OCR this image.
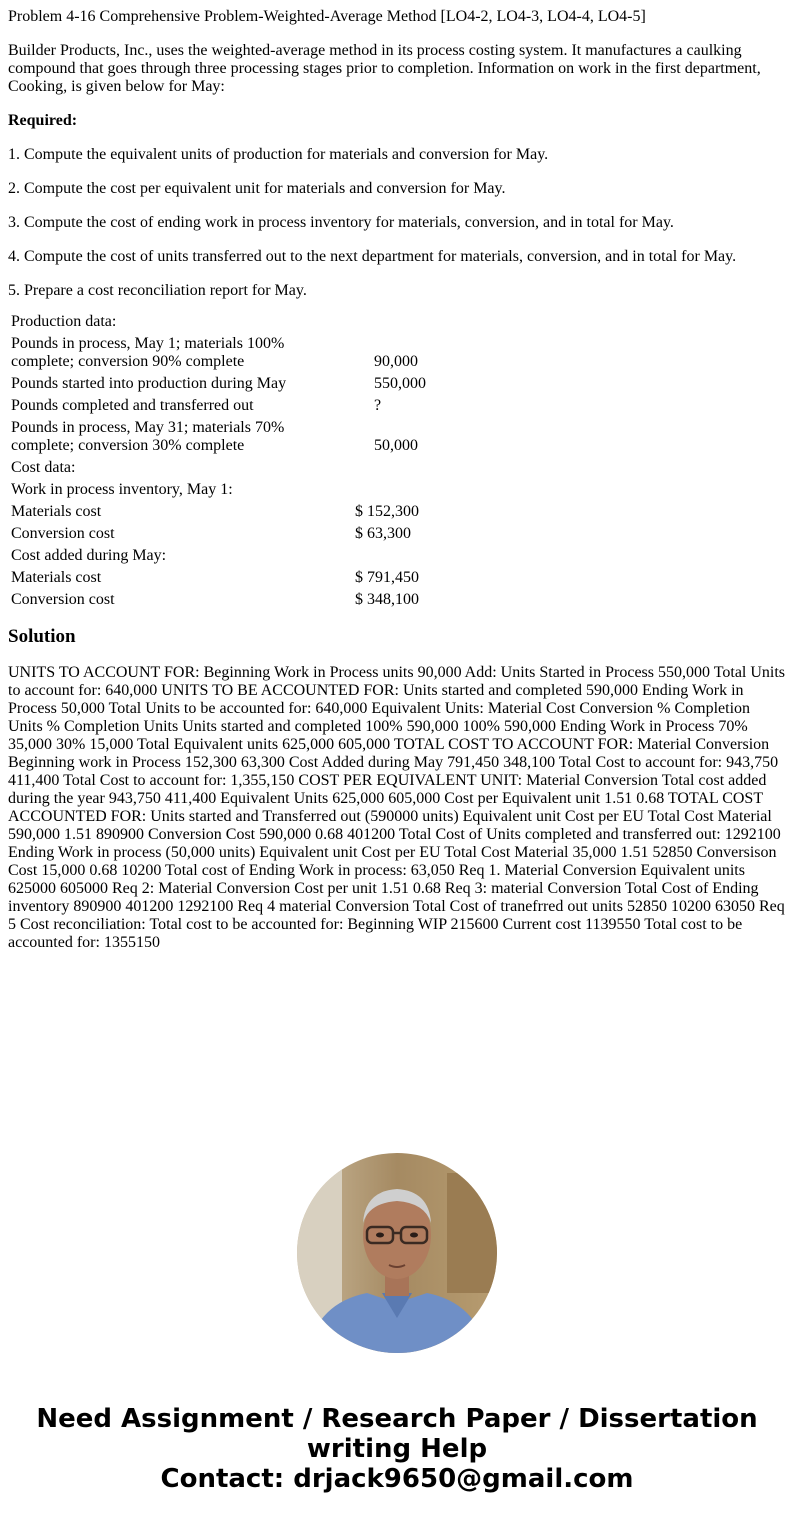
Problem 4-16 Comprehensive Problem-Weighted-Average Method [LO4-2, LO4-3, LO4-4, LO4-5]

Builder Products, Inc., uses the weighted-average method in its process costing system. It manufactures a caulking compound that goes through three processing stages prior to completion. Information on work in the first department, Cooking, is given below for May:

Required:

1. Compute the equivalent units of production for materials and conversion for May.

2. Compute the cost per equivalent unit for materials and conversion for May.

3. Compute the cost of ending work in process inventory for materials, conversion, and in total for May.

4. Compute the cost of units transferred out to the next department for materials, conversion, and in total for May.

5. Prepare a cost reconciliation report for May.

Production data:		
Pounds in process, May 1; materials 100% complete; conversion 90% complete		90,000
Pounds started into production during May		550,000
Pounds completed and transferred out		?
Pounds in process, May 31; materials 70% complete; conversion 30% complete		50,000
Cost data:		
Work in process inventory, May 1:		
Materials cost	$	152,300
Conversion cost	$	63,300
Cost added during May:		
Materials cost	$	791,450
Conversion cost	$	348,100
Solution

UNITS TO ACCOUNT FOR: Beginning Work in Process units 90,000 Add: Units Started in Process 550,000 Total Units to account for: 640,000 UNITS TO BE ACCOUNTED FOR: Units started and completed 590,000 Ending Work in Process 50,000 Total Units to be accounted for: 640,000 Equivalent Units: Material Cost Conversion % Completion Units % Completion Units Units started and completed 100% 590,000 100% 590,000 Ending Work in Process 70% 35,000 30% 15,000 Total Equivalent units 625,000 605,000 TOTAL COST TO ACCOUNT FOR: Material Conversion Beginning work in Process 152,300 63,300 Cost Added during May 791,450 348,100 Total Cost to account for: 943,750 411,400 Total Cost to account for: 1,355,150 COST PER EQUIVALENT UNIT: Material Conversion Total cost added during the year 943,750 411,400 Equivalent Units 625,000 605,000 Cost per Equivalent unit 1.51 0.68 TOTAL COST ACCOUNTED FOR: Units started and Transferred out (590000 units) Equivalent unit Cost per EU Total Cost Material 590,000 1.51 890900 Conversion Cost 590,000 0.68 401200 Total Cost of Units completed and transferred out: 1292100 Ending Work in process (50,000 units) Equivalent unit Cost per EU Total Cost Material 35,000 1.51 52850 Conversison Cost 15,000 0.68 10200 Total cost of Ending Work in process: 63,050 Req 1. Material Conversion Equivalent units 625000 605000 Req 2: Material Conversion Cost per unit 1.51 0.68 Req 3: material Conversion Total Cost of Ending inventory 890900 401200 1292100 Req 4 material Conversion Total Cost of tranefrred out units 52850 10200 63050 Req 5 Cost reconciliation: Total cost to be accounted for: Beginning WIP 215600 Current cost 1139550 Total cost to be accounted for: 1355150

Need Assignment / Research Paper / Dissertation
writing Help
Contact: drjack9650@gmail.com
